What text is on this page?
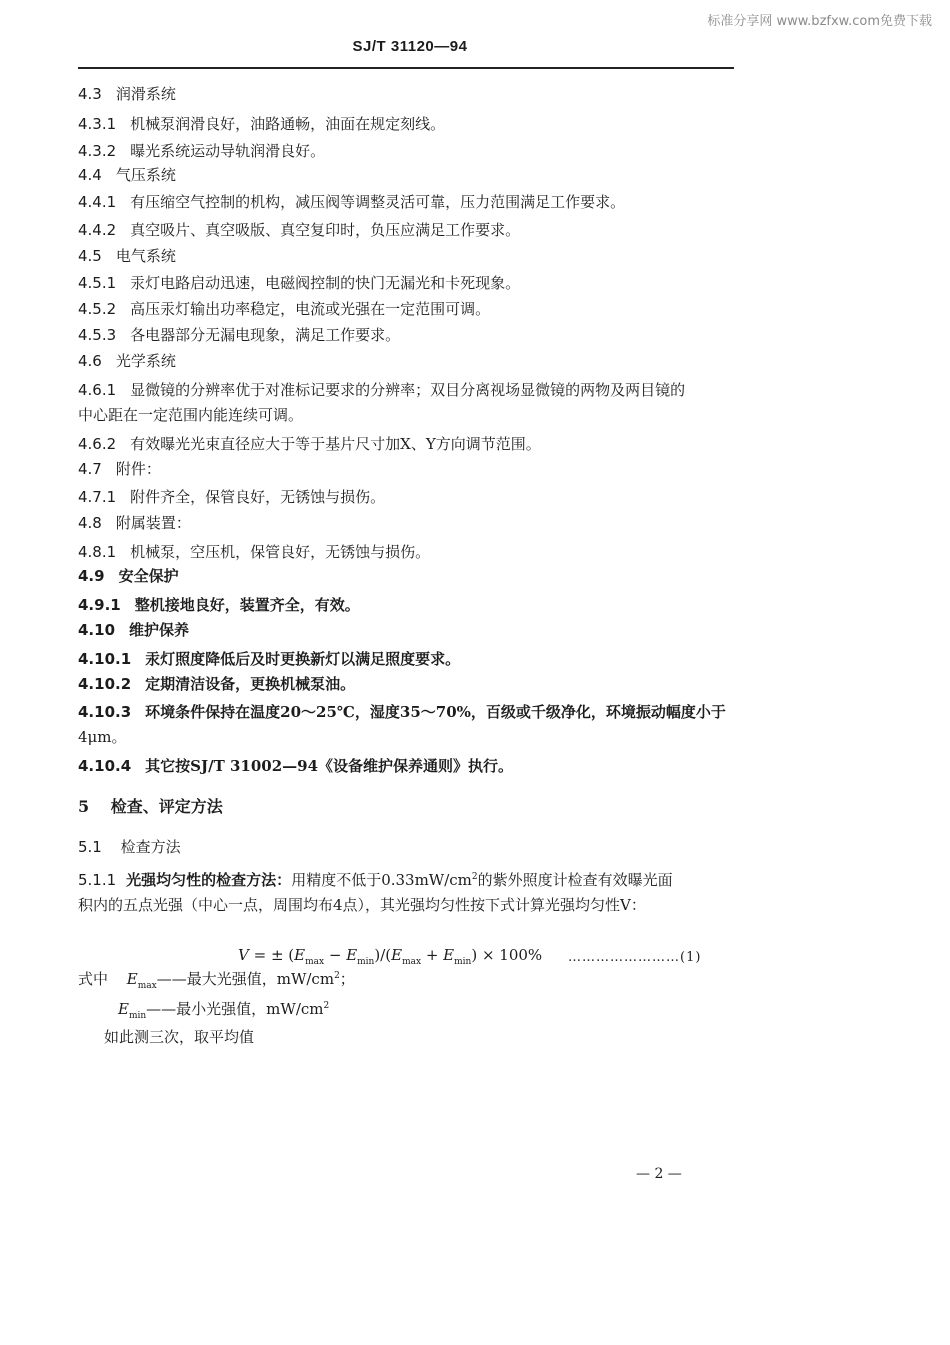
标准分享网 www.bzfxw.com免费下载
SJ/T 31120—94
4.3 润滑系统
4.3.1 机械泵润滑良好，油路通畅，油面在规定刻线。
4.3.2 曝光系统运动导轨润滑良好。
4.4 气压系统
4.4.1 有压缩空气控制的机构，减压阀等调整灵活可靠，压力范围满足工作要求。
4.4.2 真空吸片、真空吸版、真空复印时，负压应满足工作要求。
4.5 电气系统
4.5.1 汞灯电路启动迅速，电磁阀控制的快门无漏光和卡死现象。
4.5.2 高压汞灯输出功率稳定，电流或光强在一定范围可调。
4.5.3 各电器部分无漏电现象，满足工作要求。
4.6 光学系统
4.6.1 显微镜的分辨率优于对准标记要求的分辨率；双目分离视场显微镜的两物及两目镜的
中心距在一定范围内能连续可调。
4.6.2 有效曝光光束直径应大于等于基片尺寸加X、Y方向调节范围。
4.7 附件：
4.7.1 附件齐全，保管良好，无锈蚀与损伤。
4.8 附属装置：
4.8.1 机械泵，空压机，保管良好，无锈蚀与损伤。
4.9 安全保护
4.9.1 整机接地良好，装置齐全，有效。
4.10 维护保养
4.10.1 汞灯照度降低后及时更换新灯以满足照度要求。
4.10.2 定期清洁设备，更换机械泵油。
4.10.3 环境条件保持在温度20～25℃，湿度35～70%，百级或千级净化，环境振动幅度小于
4μm。
4.10.4 其它按SJ/T 31002—94《设备维护保养通则》执行。
5 检查、评定方法
5.1 检查方法
5.1.1 光强均匀性的检查方法：用精度不低于$0.33mW/cm^2$的紫外照度计检查有效曝光面
积内的五点光强（中心一点，周围均布4点），其光强均匀性按下式计算光强均匀性V：
V = ± $(E_{max} - E_{min})/(E_{max} + E_{min}) \times 100\%$ ……………………(1)
式中 $E_{max}——$最大光强值，$mW/cm^2$；
$E_{min}——$最小光强值，$mW/cm^2$
如此测三次，取平均值
— 2 —
